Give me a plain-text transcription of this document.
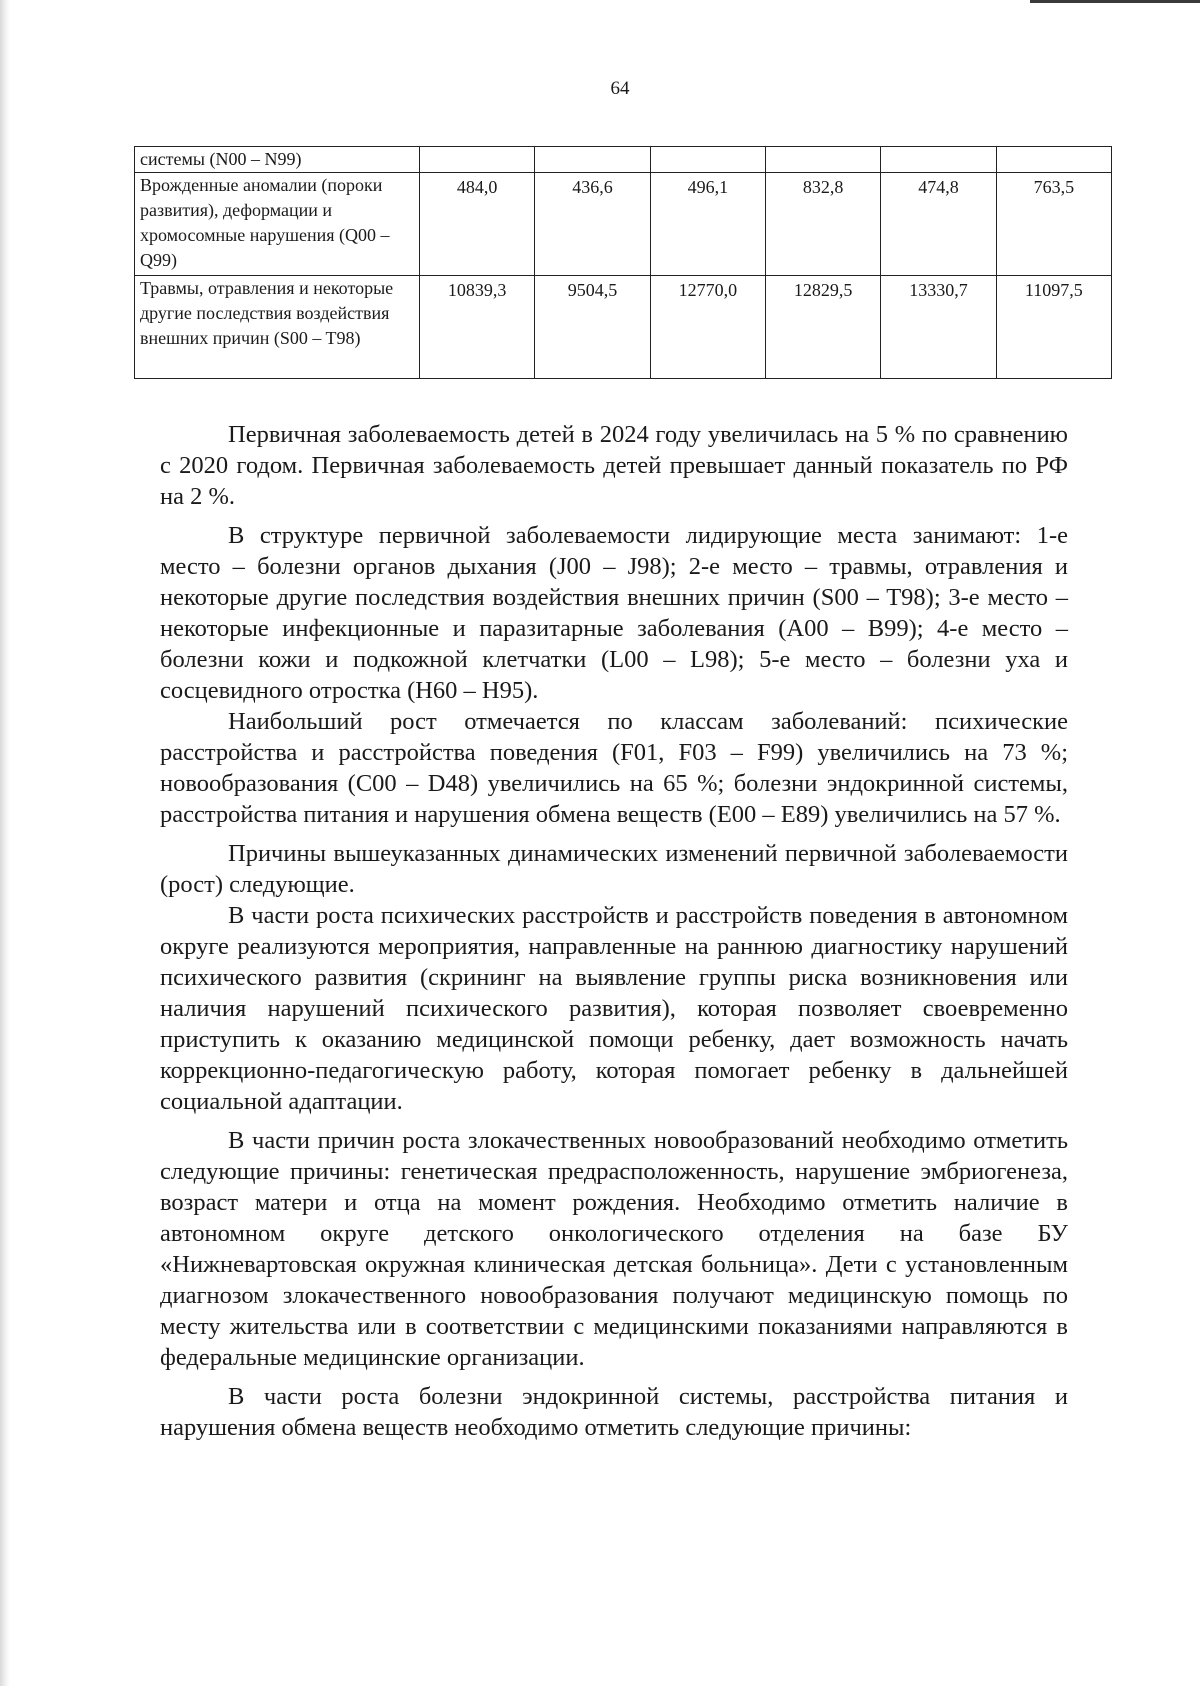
64
системы (N00 – N99)						
Врожденные аномалии (пороки развития), деформации и хромосомные нарушения (Q00 – Q99)	484,0	436,6	496,1	832,8	474,8	763,5
Травмы, отравления и некоторые другие последствия воздействия внешних причин (S00 – T98)	10839,3	9504,5	12770,0	12829,5	13330,7	11097,5

Первичная заболеваемость детей в 2024 году увеличилась на 5 % по сравнению с 2020 годом. Первичная заболеваемость детей превышает данный показатель по РФ на 2 %.

В структуре первичной заболеваемости лидирующие места занимают: 1-е место – болезни органов дыхания (J00 – J98); 2-е место – травмы, отравления и некоторые другие последствия воздействия внешних причин (S00 – T98); 3-е место – некоторые инфекционные и паразитарные заболевания (A00 – B99); 4-е место – болезни кожи и подкожной клетчатки (L00 – L98); 5-е место – болезни уха и сосцевидного отростка (H60 – H95).

Наибольший рост отмечается по классам заболеваний: психические расстройства и расстройства поведения (F01, F03 – F99) увеличились на 73 %; новообразования (C00 – D48) увеличились на 65 %; болезни эндокринной системы, расстройства питания и нарушения обмена веществ (E00 – E89) увеличились на 57 %.

Причины вышеуказанных динамических изменений первичной заболеваемости (рост) следующие.

В части роста психических расстройств и расстройств поведения в автономном округе реализуются мероприятия, направленные на раннюю диагностику нарушений психического развития (скрининг на выявление группы риска возникновения или наличия нарушений психического развития), которая позволяет своевременно приступить к оказанию медицинской помощи ребенку, дает возможность начать коррекционно-педагогическую работу, которая помогает ребенку в дальнейшей социальной адаптации.

В части причин роста злокачественных новообразований необходимо отметить следующие причины: генетическая предрасположенность, нарушение эмбриогенеза, возраст матери и отца на момент рождения. Необходимо отметить наличие в автономном округе детского онкологического отделения на базе БУ «Нижневартовская окружная клиническая детская больница». Дети с установленным диагнозом злокачественного новообразования получают медицинскую помощь по месту жительства или в соответствии с медицинскими показаниями направляются в федеральные медицинские организации.

В части роста болезни эндокринной системы, расстройства питания и нарушения обмена веществ необходимо отметить следующие причины:
